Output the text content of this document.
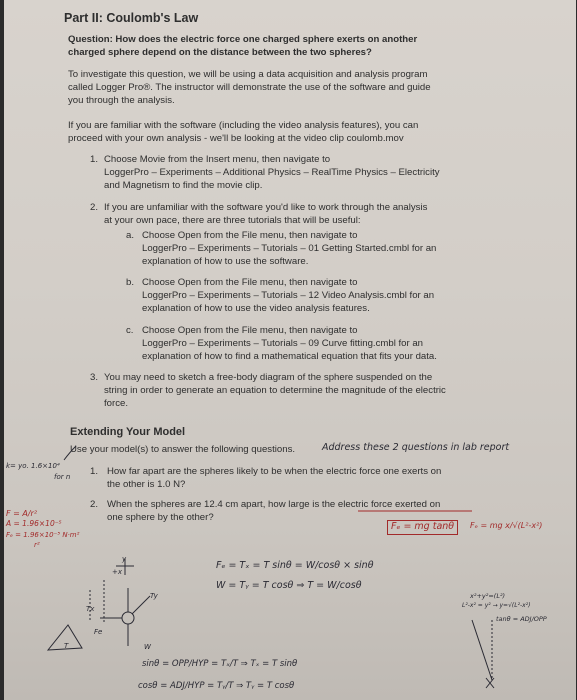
Part II: Coulomb's Law
Question: How does the electric force one charged sphere exerts on another
charged sphere depend on the distance between the two spheres?
To investigate this question, we will be using a data acquisition and analysis program
called Logger Pro®. The instructor will demonstrate the use of the software and guide
you through the analysis.
If you are familiar with the software (including the video analysis features), you can
proceed with your own analysis - we'll be looking at the video clip coulomb.mov
1. Choose Movie from the Insert menu, then navigate to
LoggerPro – Experiments – Additional Physics – RealTime Physics – Electricity
and Magnetism to find the movie clip.
2. If you are unfamiliar with the software you'd like to work through the analysis
at your own pace, there are three tutorials that will be useful:
a. Choose Open from the File menu, then navigate to
LoggerPro – Experiments – Tutorials – 01 Getting Started.cmbl for an
explanation of how to use the software.
b. Choose Open from the File menu, then navigate to
LoggerPro – Experiments – Tutorials – 12 Video Analysis.cmbl for an
explanation of how to use the video analysis features.
c. Choose Open from the File menu, then navigate to
LoggerPro – Experiments – Tutorials – 09 Curve fitting.cmbl for an
explanation of how to find a mathematical equation that fits your data.
3. You may need to sketch a free-body diagram of the sphere suspended on the
string in order to generate an equation to determine the magnitude of the electric
force.
Extending Your Model
Use your model(s) to answer the following questions.	Address these 2 questions in lab report
1. How far apart are the spheres likely to be when the electric force one exerts on
the other is 1.0 N?
2. When the spheres are 12.4 cm apart, how large is the electric force exerted on
one sphere by the other?
k= yo. 1.6×10⁴
for n
F = A/r²
A = 1.96×10⁻⁵
Fₑ = 1.96×10⁻⁵ N·m²
r²
Fₑ = mg tanθ	Fₑ = mg x/√(L²-x²)
Fₑ = Tₓ = T sinθ = W/cosθ × sinθ
W = Tᵧ = T cosθ ⇒ T = W/cosθ
sinθ = OPP/HYP = Tₓ/T ⇒ Tₓ = T sinθ
cosθ = ADJ/HYP = Tᵧ/T ⇒ Tᵧ = T cosθ
+x
y
Tx
Ty
W
Fe
T
x²+y²=(L²)
L²-x² = y² → y=√(L²-x²)
tanθ = ADJ/OPP
